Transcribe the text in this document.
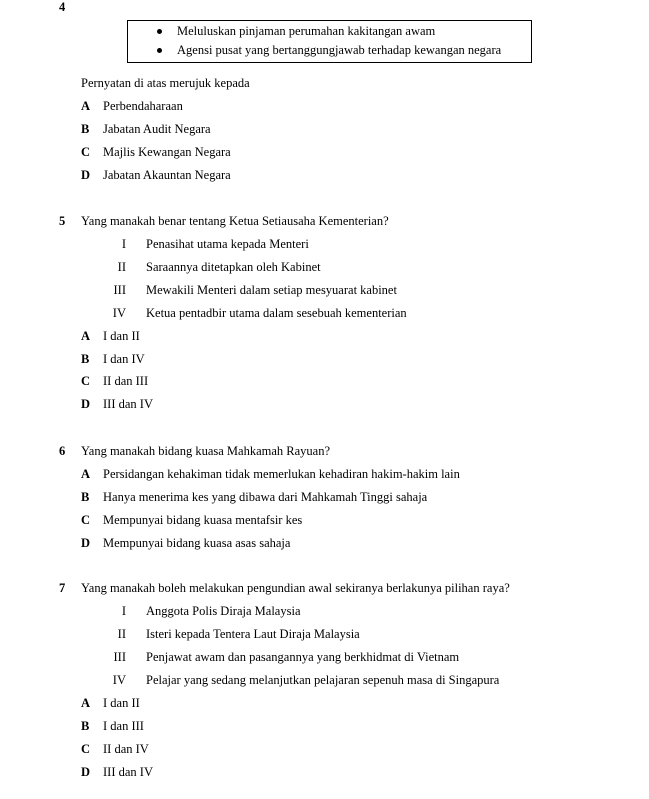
4
Meluluskan pinjaman perumahan kakitangan awam
Agensi pusat yang bertanggungjawab terhadap kewangan negara
Pernyatan di atas merujuk kepada
A Perbendaharaan
B Jabatan Audit Negara
C Majlis Kewangan Negara
D Jabatan Akauntan Negara
5 Yang manakah benar tentang Ketua Setiausaha Kementerian?
I Penasihat utama kepada Menteri
II Saraannya ditetapkan oleh Kabinet
III Mewakili Menteri dalam setiap mesyuarat kabinet
IV Ketua pentadbir utama dalam sesebuah kementerian
A I dan II
B I dan IV
C II dan III
D III dan IV
6 Yang manakah bidang kuasa Mahkamah Rayuan?
A Persidangan kehakiman tidak memerlukan kehadiran hakim-hakim lain
B Hanya menerima kes yang dibawa dari Mahkamah Tinggi sahaja
C Mempunyai bidang kuasa mentafsir kes
D Mempunyai bidang kuasa asas sahaja
7 Yang manakah boleh melakukan pengundian awal sekiranya berlakunya pilihan raya?
I Anggota Polis Diraja Malaysia
II Isteri kepada Tentera Laut Diraja Malaysia
III Penjawat awam dan pasangannya yang berkhidmat di Vietnam
IV Pelajar yang sedang melanjutkan pelajaran sepenuh masa di Singapura
A I dan II
B I dan III
C II dan IV
D III dan IV
